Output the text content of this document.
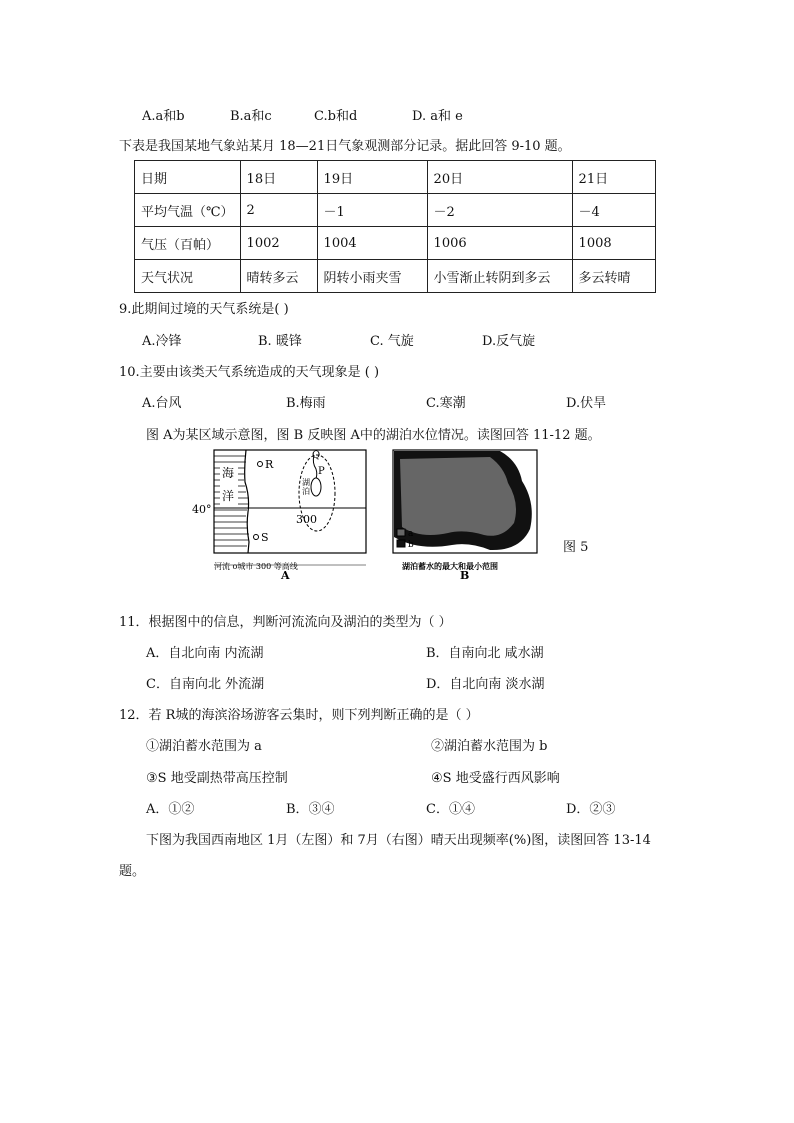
A.a和b	B.a和c	C.b和d	D. a和 e
下表是我国某地气象站某月 18—21日气象观测部分记录。据此回答 9-10 题。
日期	18日	19日	20日	21日
平均气温（℃）	2	－1	－2	－4
气压（百帕）	1002	1004	1006	1008
天气状况	晴转多云	阴转小雨夹雪	小雪渐止转阴到多云	多云转晴
9.此期间过境的天气系统是( )
A.冷锋	B. 暖锋	C. 气旋	D.反气旋
10.主要由该类天气系统造成的天气现象是 ( )
A.台风	B.梅雨	C.寒潮	D.伏旱
图 A为某区域示意图，图 B 反映图 A中的湖泊水位情况。读图回答 11-12 题。
海
洋
40°
R
S
Q
P
湖
泊
300
河流 o城市 300 等高线
A
a
b
湖泊蓄水的最大和最小范围
B
图 5
11．根据图中的信息，判断河流流向及湖泊的类型为（ ）
A．自北向南 内流湖	B．自南向北 咸水湖
C．自南向北 外流湖	D．自北向南 淡水湖
12．若 R城的海滨浴场游客云集时，则下列判断正确的是（ ）
①湖泊蓄水范围为 a	②湖泊蓄水范围为 b
③S 地受副热带高压控制	④S 地受盛行西风影响
A．①②	B．③④	C．①④	D．②③
下图为我国西南地区 1月（左图）和 7月（右图）晴天出现频率(%)图，读图回答 13-14
题。
